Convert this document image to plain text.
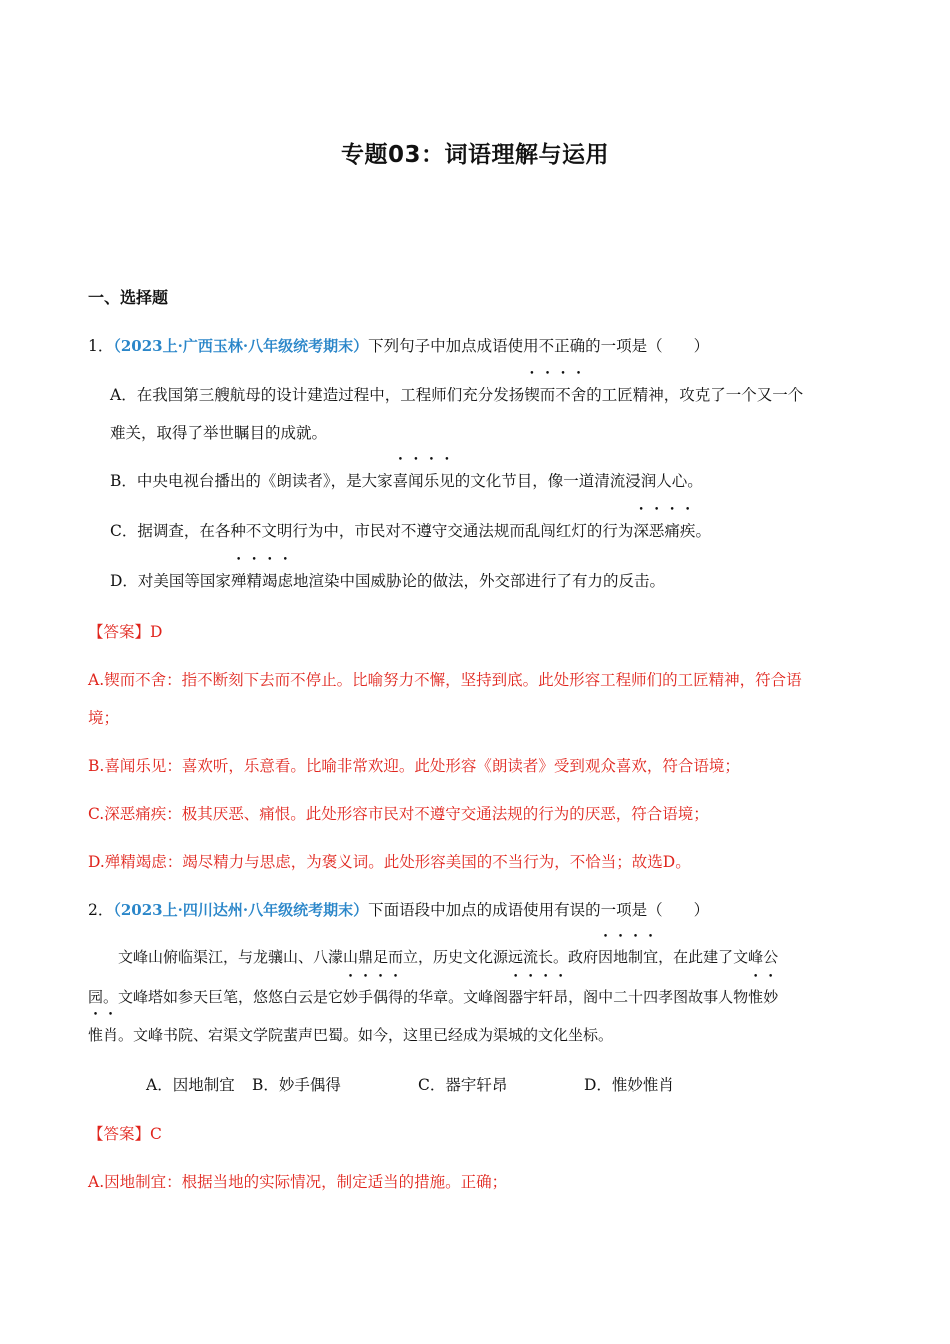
专题03：词语理解与运用
一、选择题
1．（2023上·广西玉林·八年级统考期末）下列句子中加点成语使用不正确的一项是（　　）
A．在我国第三艘航母的设计建造过程中，工程师们充分发扬锲而不舍的工匠精神，攻克了一个又一个
难关，取得了举世瞩目的成就。
B．中央电视台播出的《朗读者》，是大家喜闻乐见的文化节目，像一道清流浸润人心。
C．据调查，在各种不文明行为中，市民对不遵守交通法规而乱闯红灯的行为深恶痛疾。
D．对美国等国家殚精竭虑地渲染中国威胁论的做法，外交部进行了有力的反击。
【答案】D
A.锲而不舍：指不断刻下去而不停止。比喻努力不懈，坚持到底。此处形容工程师们的工匠精神，符合语
境；
B.喜闻乐见：喜欢听，乐意看。比喻非常欢迎。此处形容《朗读者》受到观众喜欢，符合语境；
C.深恶痛疾：极其厌恶、痛恨。此处形容市民对不遵守交通法规的行为的厌恶，符合语境；
D.殚精竭虑：竭尽精力与思虑，为褒义词。此处形容美国的不当行为，不恰当；故选D。
2．（2023上·四川达州·八年级统考期末）下面语段中加点的成语使用有误的一项是（　　）
文峰山俯临渠江，与龙骧山、八濛山鼎足而立，历史文化源远流长。政府因地制宜，在此建了文峰公
园。文峰塔如参天巨笔，悠悠白云是它妙手偶得的华章。文峰阁器宇轩昂，阁中二十四孝图故事人物惟妙
惟肖。文峰书院、宕渠文学院蜚声巴蜀。如今，这里已经成为渠城的文化坐标。
A．因地制宜 B．妙手偶得	C．器宇轩昂	D．惟妙惟肖
【答案】C
A.因地制宜：根据当地的实际情况，制定适当的措施。正确；
